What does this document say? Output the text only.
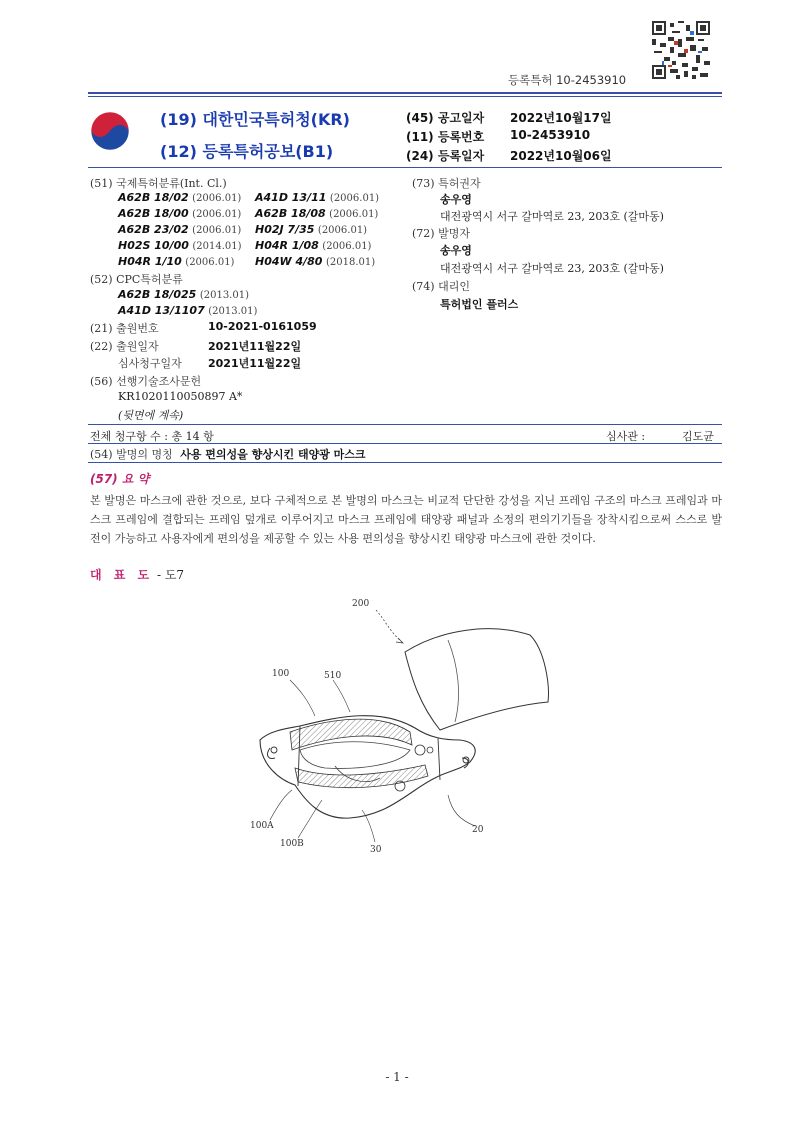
등록특허 10-2453910
(19) 대한민국특허청(KR)
(12) 등록특허공보(B1)
(45) 공고일자 2022년10월17일
(11) 등록번호 10-2453910
(24) 등록일자 2022년10월06일
(51) 국제특허분류(Int. Cl.)
A62B 18/02 (2006.01) A41D 13/11 (2006.01)
A62B 18/00 (2006.01) A62B 18/08 (2006.01)
A62B 23/02 (2006.01) H02J 7/35 (2006.01)
H02S 10/00 (2014.01) H04R 1/08 (2006.01)
H04R 1/10 (2006.01) H04W 4/80 (2018.01)
(52) CPC특허분류
A62B 18/025 (2013.01)
A41D 13/1107 (2013.01)
(21) 출원번호	10-2021-0161059
(22) 출원일자	2021년11월22일
심사청구일자 2021년11월22일
(56) 선행기술조사문헌
KR1020110050897 A*
(뒷면에 계속)
(73) 특허권자
송우영
대전광역시 서구 갈마역로 23, 203호 (갈마동)
(72) 발명자
송우영
대전광역시 서구 갈마역로 23, 203호 (갈마동)
(74) 대리인
특허법인 플러스
전체 청구항 수 : 총 14 항	심사관 :	김도균
(54) 발명의 명칭 사용 편의성을 향상시킨 태양광 마스크
(57) 요 약
본 발명은 마스크에 관한 것으로, 보다 구체적으로 본 발명의 마스크는 비교적 단단한 강성을 지닌 프레임 구조의 마스크 프레임과 마스크 프레임에 결합되는 프레임 덮개로 이루어지고 마스크 프레임에 태양광 패널과 소정의 편의기기들을 장착시킴으로써 스스로 발전이 가능하고 사용자에게 편의성을 제공할 수 있는 사용 편의성을 향상시킨 태양광 마스크에 관한 것이다.
대 표 도 - 도7
200
100	510
100A
100B
30
20
- 1 -
